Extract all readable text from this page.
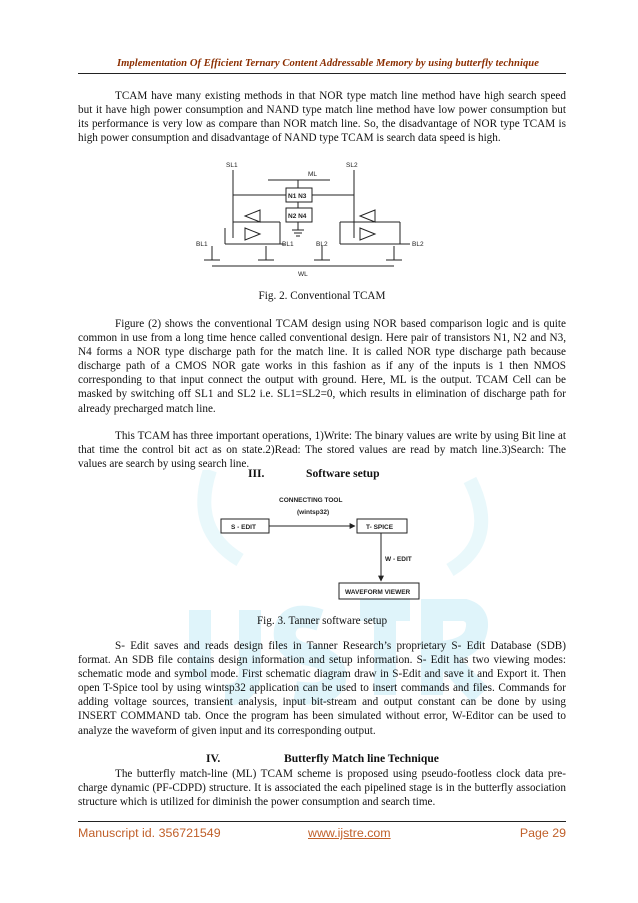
Implementation Of Efficient Ternary Content Addressable Memory by using butterfly technique

TCAM have many existing methods in that NOR type match line method have high search speed but it have high power consumption and NAND type match line method have low power consumption but its performance is very low as compare than NOR match line. So, the disadvantage of NOR type TCAM is high power consumption and disadvantage of NAND type TCAM is search data speed is high.

SL1	SL2
ML
N1 N3
N2 N4
BL1	BL1	BL2	BL2
WL
Fig. 2. Conventional TCAM

Figure (2) shows the conventional TCAM design using NOR based comparison logic and is quite common in use from a long time hence called conventional design. Here pair of transistors N1, N2 and N3, N4 forms a NOR type discharge path for the match line. It is called NOR type discharge path because discharge path of a CMOS NOR gate works in this fashion as if any of the inputs is 1 then NMOS corresponding to that input connect the output with ground. Here, ML is the output. TCAM Cell can be masked by switching off SL1 and SL2 i.e. SL1=SL2=0, which results in elimination of discharge path for already precharged match line.

This TCAM has three important operations, 1)Write: The binary values are write by using Bit line at that time the control bit act as on state.2)Read: The stored values are read by match line.3)Search: The values are search by using search line.

III.	Software setup
CONNECTING TOOL
(wintsp32)
S - EDIT	T- SPICE
W - EDIT
WAVEFORM VIEWER
Fig. 3. Tanner software setup

S- Edit saves and reads design files in Tanner Research’s proprietary S- Edit Database (SDB) format. An SDB file contains design information and setup information. S- Edit has two viewing modes: schematic mode and symbol mode. First schematic diagram draw in S-Edit and save it and Export it. Then open T-Spice tool by using wintsp32 application can be used to insert commands and files. Commands for adding voltage sources, transient analysis, input bit-stream and output constant can be done by using INSERT COMMAND tab. Once the program has been simulated without error, W-Editor can be used to analyze the waveform of given input and its corresponding output.

IV.	Butterfly Match line Technique

The butterfly match-line (ML) TCAM scheme is proposed using pseudo-footless clock data pre-charge dynamic (PF-CDPD) structure. It is associated the each pipelined stage is in the butterfly association structure which is utilized for diminish the power consumption and search time.

Manuscript id. 356721549	www.ijstre.com	Page 29
